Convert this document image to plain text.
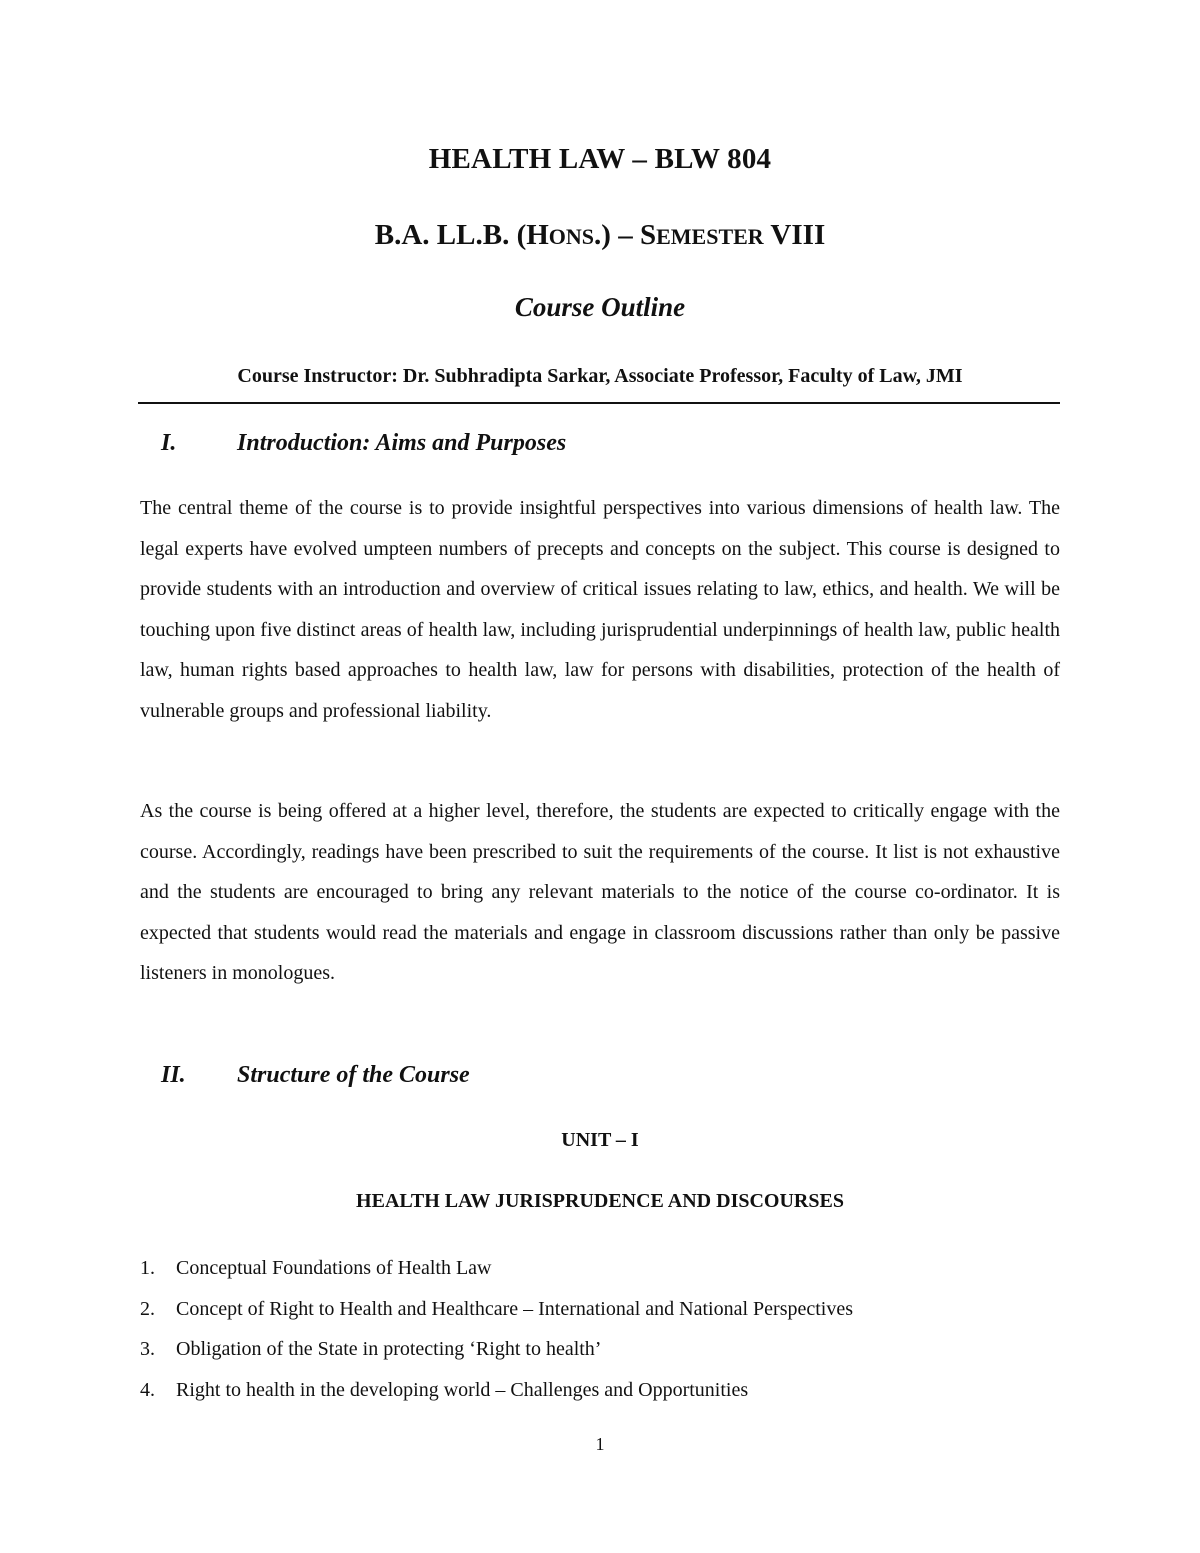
HEALTH LAW – BLW 804
B.A. LL.B. (HONS.) – SEMESTER VIII
Course Outline

Course Instructor: Dr. Subhradipta Sarkar, Associate Professor, Faculty of Law, JMI

I.	Introduction: Aims and Purposes

The central theme of the course is to provide insightful perspectives into various dimensions of health law. The legal experts have evolved umpteen numbers of precepts and concepts on the subject. This course is designed to provide students with an introduction and overview of critical issues relating to law, ethics, and health. We will be touching upon five distinct areas of health law, including jurisprudential underpinnings of health law, public health law, human rights based approaches to health law, law for persons with disabilities, protection of the health of vulnerable groups and professional liability.

As the course is being offered at a higher level, therefore, the students are expected to critically engage with the course. Accordingly, readings have been prescribed to suit the requirements of the course. It list is not exhaustive and the students are encouraged to bring any relevant materials to the notice of the course co-ordinator. It is expected that students would read the materials and engage in classroom discussions rather than only be passive listeners in monologues.

II. Structure of the Course

UNIT – I

HEALTH LAW JURISPRUDENCE AND DISCOURSES

1. Conceptual Foundations of Health Law
2. Concept of Right to Health and Healthcare – International and National Perspectives
3. Obligation of the State in protecting ‘Right to health’
4. Right to health in the developing world – Challenges and Opportunities

1
